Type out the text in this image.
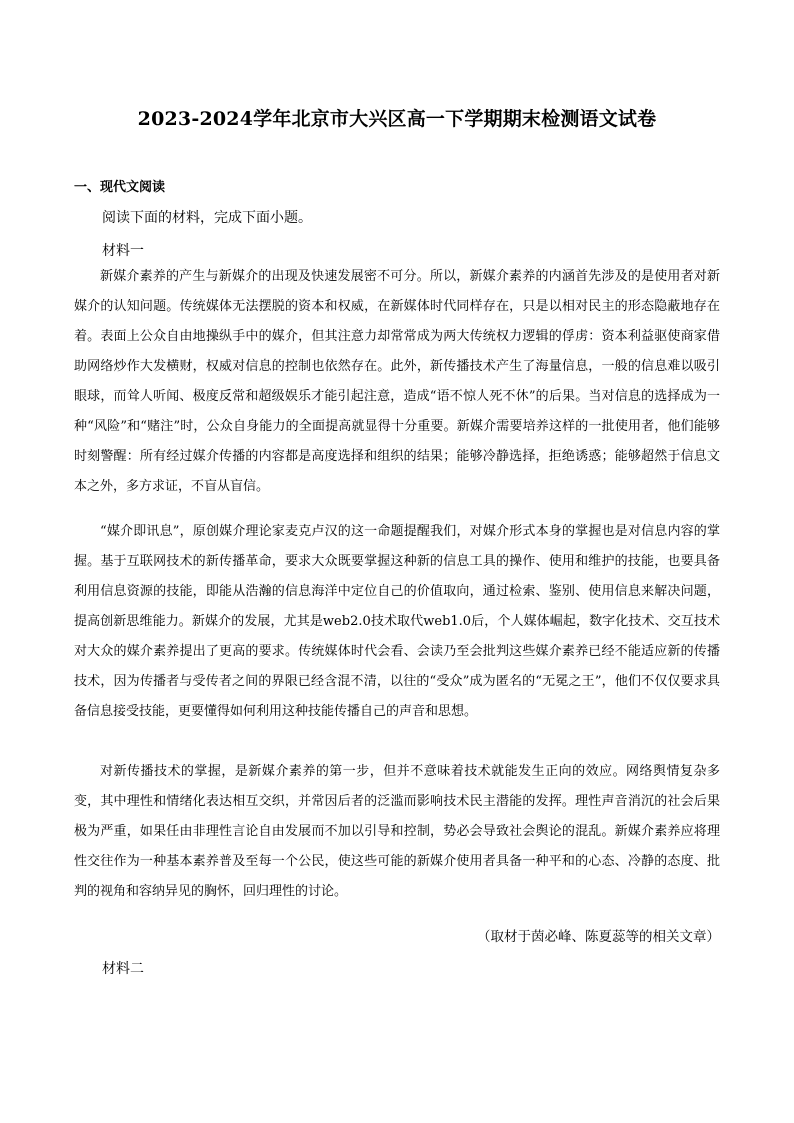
2023-2024学年北京市大兴区高一下学期期末检测语文试卷
一、现代文阅读
阅读下面的材料，完成下面小题。
材料一

新媒介素养的产生与新媒介的出现及快速发展密不可分。所以，新媒介素养的内涵首先涉及的是使用者对新媒介的认知问题。传统媒体无法摆脱的资本和权威，在新媒体时代同样存在，只是以相对民主的形态隐蔽地存在着。表面上公众自由地操纵手中的媒介，但其注意力却常常成为两大传统权力逻辑的俘虏：资本利益驱使商家借助网络炒作大发横财，权威对信息的控制也依然存在。此外，新传播技术产生了海量信息，一般的信息难以吸引眼球，而耸人听闻、极度反常和超级娱乐才能引起注意，造成“语不惊人死不休”的后果。当对信息的选择成为一种“风险”和“赌注”时，公众自身能力的全面提高就显得十分重要。新媒介需要培养这样的一批使用者，他们能够时刻警醒：所有经过媒介传播的内容都是高度选择和组织的结果；能够冷静选择，拒绝诱惑；能够超然于信息文本之外，多方求证，不盲从盲信。

“媒介即讯息”，原创媒介理论家麦克卢汉的这一命题提醒我们，对媒介形式本身的掌握也是对信息内容的掌握。基于互联网技术的新传播革命，要求大众既要掌握这种新的信息工具的操作、使用和维护的技能，也要具备利用信息资源的技能，即能从浩瀚的信息海洋中定位自己的价值取向，通过检索、鉴别、使用信息来解决问题，提高创新思维能力。新媒介的发展，尤其是web2.0技术取代web1.0后，个人媒体崛起，数字化技术、交互技术对大众的媒介素养提出了更高的要求。传统媒体时代会看、会读乃至会批判这些媒介素养已经不能适应新的传播技术，因为传播者与受传者之间的界限已经含混不清，以往的“受众”成为匿名的“无冕之王”，他们不仅仅要求具备信息接受技能，更要懂得如何利用这种技能传播自己的声音和思想。

对新传播技术的掌握，是新媒介素养的第一步，但并不意味着技术就能发生正向的效应。网络舆情复杂多变，其中理性和情绪化表达相互交织，并常因后者的泛滥而影响技术民主潜能的发挥。理性声音消沉的社会后果极为严重，如果任由非理性言论自由发展而不加以引导和控制，势必会导致社会舆论的混乱。新媒介素养应将理性交往作为一种基本素养普及至每一个公民，使这些可能的新媒介使用者具备一种平和的心态、冷静的态度、批判的视角和容纳异见的胸怀，回归理性的讨论。

（取材于茵必峰、陈夏蕊等的相关文章）
材料二
